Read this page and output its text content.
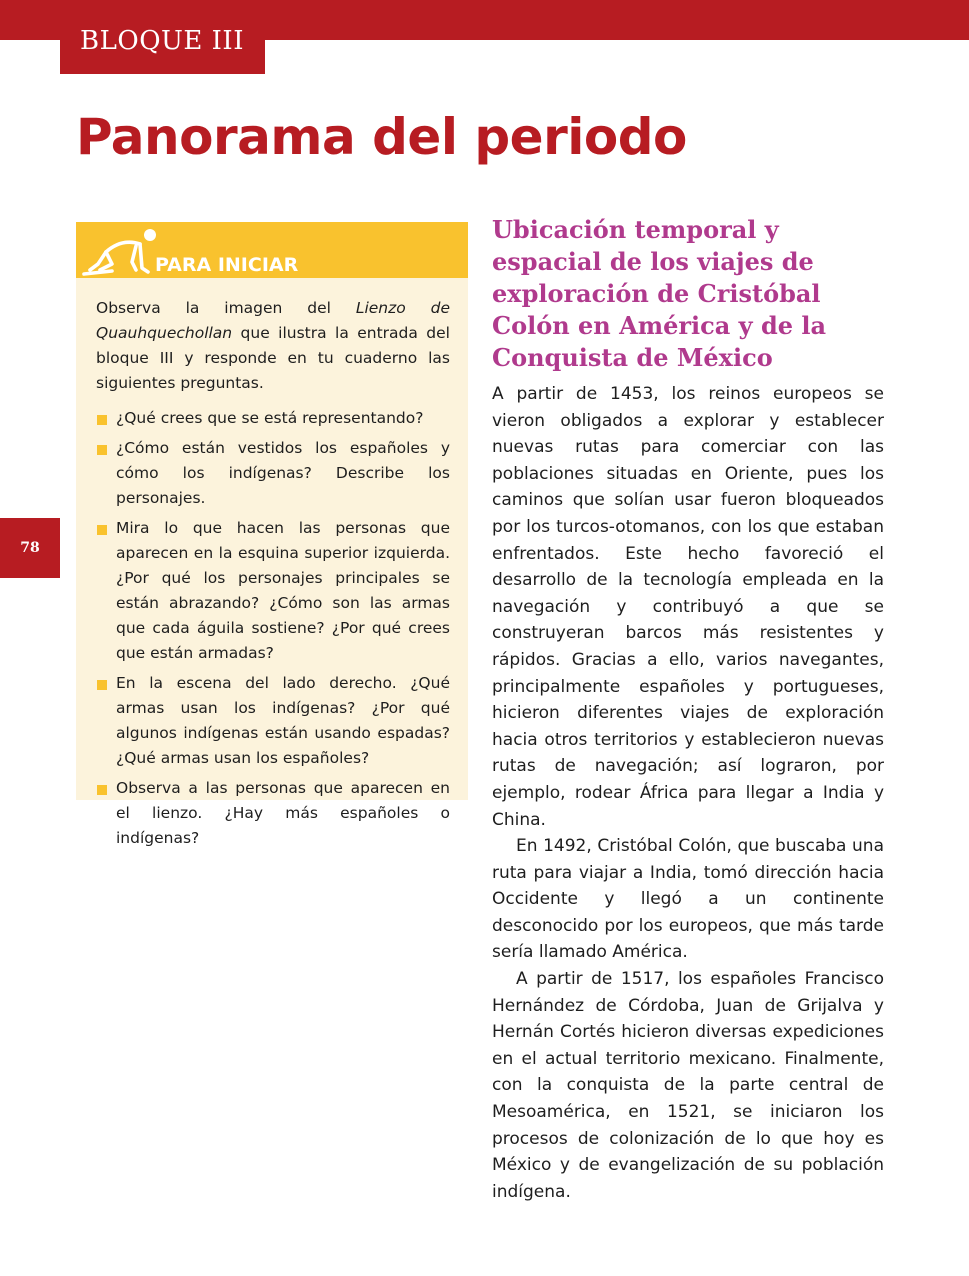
BLOQUE III
Panorama del periodo
78
PARA INICIAR

Observa la imagen del Lienzo de Quauhquechollan que ilustra la entrada del bloque III y responde en tu cuaderno las siguientes preguntas.

¿Qué crees que se está representando?
¿Cómo están vestidos los españoles y cómo los indígenas? Describe los personajes.
Mira lo que hacen las personas que aparecen en la esquina superior izquierda. ¿Por qué los personajes principales se están abrazando? ¿Cómo son las armas que cada águila sostiene? ¿Por qué crees que están armadas?
En la escena del lado derecho. ¿Qué armas usan los indígenas? ¿Por qué algunos indígenas están usando espadas? ¿Qué armas usan los españoles?
Observa a las personas que aparecen en el lienzo. ¿Hay más españoles o indígenas?
Ubicación temporal y espacial de los viajes de exploración de Cristóbal Colón en América y de la Conquista de México

A partir de 1453, los reinos europeos se vieron obligados a explorar y establecer nuevas rutas para comerciar con las poblaciones situadas en Oriente, pues los caminos que solían usar fueron bloqueados por los turcos-otomanos, con los que estaban enfrentados. Este hecho favoreció el desarrollo de la tecnología empleada en la navegación y contribuyó a que se construyeran barcos más resistentes y rápidos. Gracias a ello, varios navegantes, principalmente españoles y portugueses, hicieron diferentes viajes de exploración hacia otros territorios y establecieron nuevas rutas de navegación; así lograron, por ejemplo, rodear África para llegar a India y China.

En 1492, Cristóbal Colón, que buscaba una ruta para viajar a India, tomó dirección hacia Occidente y llegó a un continente desconocido por los europeos, que más tarde sería llamado América.

A partir de 1517, los españoles Francisco Hernández de Córdoba, Juan de Grijalva y Hernán Cortés hicieron diversas expediciones en el actual territorio mexicano. Finalmente, con la conquista de la parte central de Mesoamérica, en 1521, se iniciaron los procesos de colonización de lo que hoy es México y de evangelización de su población indígena.
